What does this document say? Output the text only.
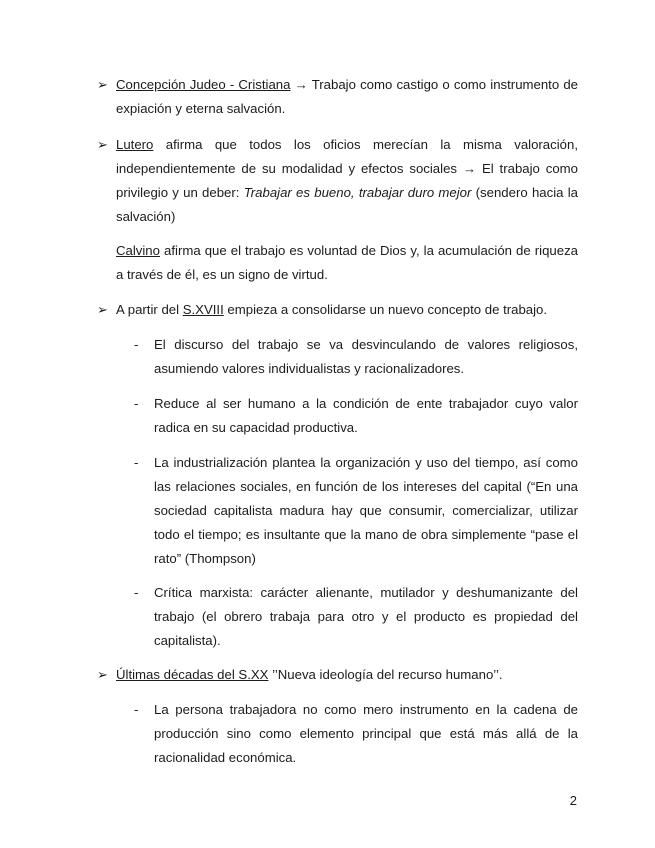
➢ Concepción Judeo - Cristiana → Trabajo como castigo o como instrumento de expiación y eterna salvación.

➢ Lutero afirma que todos los oficios merecían la misma valoración, independientemente de su modalidad y efectos sociales → El trabajo como privilegio y un deber: Trabajar es bueno, trabajar duro mejor (sendero hacia la salvación)

Calvino afirma que el trabajo es voluntad de Dios y, la acumulación de riqueza a través de él, es un signo de virtud.

➢ A partir del S.XVIII empieza a consolidarse un nuevo concepto de trabajo.

- El discurso del trabajo se va desvinculando de valores religiosos, asumiendo valores individualistas y racionalizadores.

- Reduce al ser humano a la condición de ente trabajador cuyo valor radica en su capacidad productiva.

- La industrialización plantea la organización y uso del tiempo, así como las relaciones sociales, en función de los intereses del capital (“En una sociedad capitalista madura hay que consumir, comercializar, utilizar todo el tiempo; es insultante que la mano de obra simplemente “pase el rato” (Thompson)

- Crítica marxista: carácter alienante, mutilador y deshumanizante del trabajo (el obrero trabaja para otro y el producto es propiedad del capitalista).

➢ Últimas décadas del S.XX ’’Nueva ideología del recurso humano’’.

- La persona trabajadora no como mero instrumento en la cadena de producción sino como elemento principal que está más allá de la racionalidad económica.

2
